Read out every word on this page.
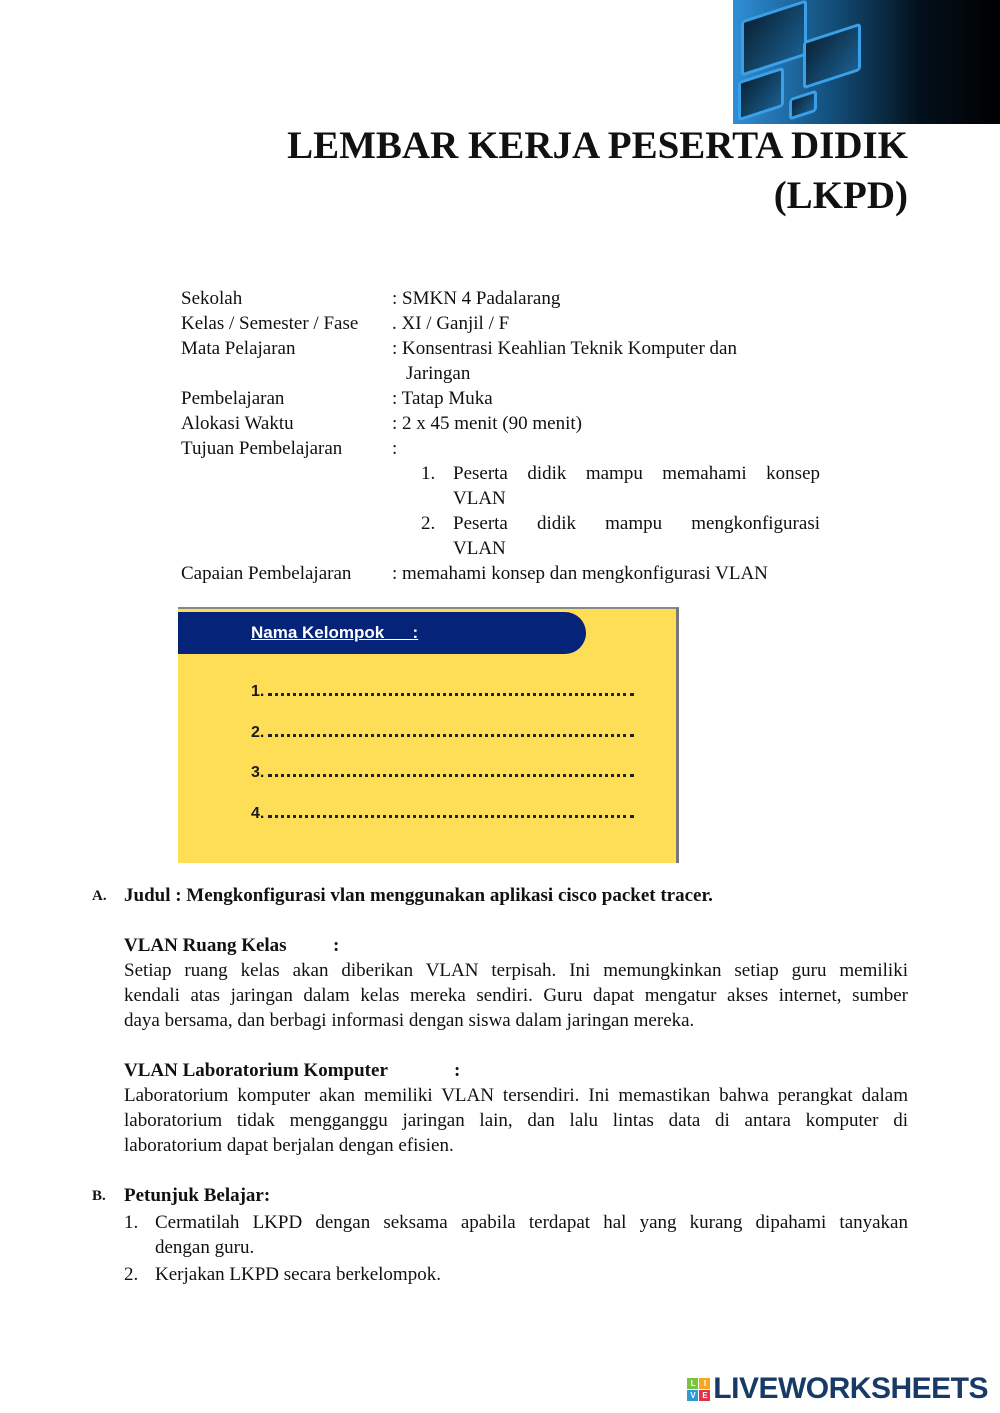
LEMBAR KERJA PESERTA DIDIK
(LKPD)
Sekolah	: SMKN 4 Padalarang
Kelas / Semester / Fase . XI / Ganjil / F
Mata Pelajaran	: Konsentrasi Keahlian Teknik Komputer dan
Jaringan
Pembelajaran	: Tatap Muka
Alokasi Waktu	: 2 x 45 menit (90 menit)
Tujuan Pembelajaran	:
1. Peserta didik mampu memahami konsep
VLAN
2. Peserta didik mampu mengkonfigurasi
VLAN
Capaian Pembelajaran : memahami konsep dan mengkonfigurasi VLAN
Nama Kelompok      :
1.
2.
3.
4.
A. Judul : Mengkonfigurasi vlan menggunakan aplikasi cisco packet tracer.
VLAN Ruang Kelas :
Setiap ruang kelas akan diberikan VLAN terpisah. Ini memungkinkan setiap guru memiliki
kendali atas jaringan dalam kelas mereka sendiri. Guru dapat mengatur akses internet, sumber
daya bersama, dan berbagi informasi dengan siswa dalam jaringan mereka.
VLAN Laboratorium Komputer	:
Laboratorium komputer akan memiliki VLAN tersendiri. Ini memastikan bahwa perangkat dalam
laboratorium tidak mengganggu jaringan lain, dan lalu lintas data di antara komputer di
laboratorium dapat berjalan dengan efisien.
B. Petunjuk Belajar:
1. Cermatilah LKPD dengan seksama apabila terdapat hal yang kurang dipahami tanyakan
dengan guru.
2. Kerjakan LKPD secara berkelompok.
L	I
V E LIVEWORKSHEETS
